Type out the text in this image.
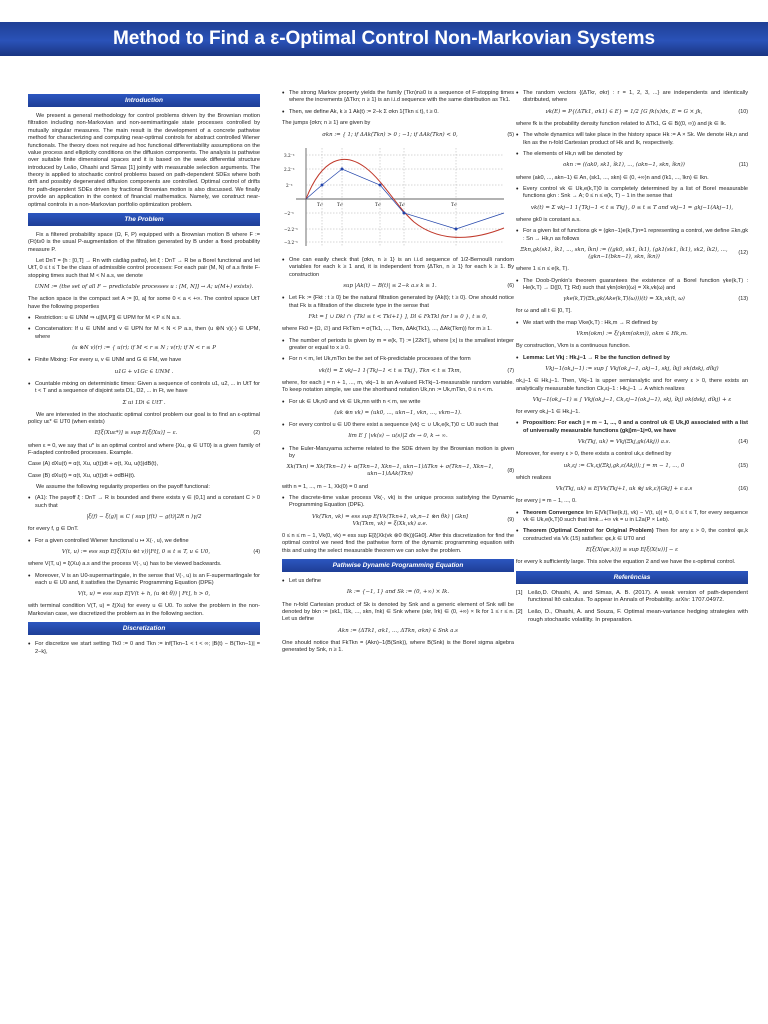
Method to Find a ε-Optimal Control Non-Markovian Systems
Introduction

We present a general methodology for control problems driven by the Brownian motion filtration including non-Markovian and non-semimartingale state processes controlled by mutually singular measures. The main result is the development of a concrete pathwise method for characterizing and computing near-optimal controls for abstract controlled Wiener functionals. The theory does not require ad hoc functional differentiability assumptions on the value process and ellipticity conditions on the diffusion components. The analysis is pathwise over suitable finite dimensional spaces and it is based on the weak differential structure introduced by Leão, Ohashi and Simas [1] jointly with measurable selection arguments. The theory is applied to stochastic control problems based on path-dependent SDEs where both drift and possibly degenerated diffusion components are controlled. Optimal control of drifts for path-dependent SDEs driven by fractional Brownian motion is also discussed. We finally provide an application in the context of financial mathematics. Namely, we construct near-optimal controls in a non-Markovian portfolio optimization problem.

The Problem

Fix a filtered probability space (Ω, F, P) equipped with a Brownian motion B where F := (Ft)t≥0 is the usual P-augmentation of the filtration generated by B under a fixed probability measure P.

Let DnT = {h : [0,T] → Rn with càdlàg paths}, let ξ : DnT → R be a Borel functional and let UtT, 0 ≤ t ≤ T be the class of admissible control processes: For each pair (M, N) of a.s finite F-stopping times such that M < N a.s, we denote

UNM := (the set of all F − predictable processes u : [M, N]] → A; u(M+) exists).

The action space is the compact set A := [0, a] for some 0 < a < +∞. The control space UtT have the following properties

• Restriction: u ∈ UNM ⇒ u|[M,P]] ∈ UPM for M < P ≤ N a.s.
• Concatenation: If u ∈ UNM and v ∈ UPN for M < N < P a.s, then (u ⊗N v)(·) ∈ UPM, where
(u ⊗N v)(r) := { u(r); if M < r ≤ N ; v(r); if N < r ≤ P
• Finite Mixing: For every u, v ∈ UNM and G ∈ FM, we have
u1G + v1Gc ∈ UNM .
• Countable mixing on deterministic times: Given a sequence of controls u1, u2, ... in UtT for t < T and a sequence of disjoint sets D1, D2, ... in Ft, we have
Σ ui 1Di ∈ UtT .

We are interested in the stochastic optimal control problem our goal is to find an ε-optimal policy uε* ∈ UT0 (when exists)

E[ξ(Xuε*)] ≥ sup E[ξ(Xu)] − ε.	(2)

when ε = 0, we say that u* is an optimal control and where {Xu, φ ∈ UT0} is a given family of F-adapted controlled processes. Example.

Case (A) dXu(t) = α(t, Xu, u(t))dt + σ(t, Xu, u(t))dB(t),

Case (B) dXu(t) = α(t, Xu, u(t))dt + σdBH(t).

We assume the following regularity properties on the payoff functional:

• (A1): The payoff ξ : DnT → R is bounded and there exists γ ∈ (0,1] and a constant C > 0 such that
|ξ(f) − ξ(g)| ≤ C ( sup |f(t) − g(t)|2R n )γ/2

for every f, g ∈ DnT.

• For a given controlled Wiener functional u ↦ X(·, u), we define
V(t, u) := ess sup E[ξ(X(u ⊗t v))|Ft], 0 ≤ t ≤ T, u ∈ U0,	(4)

where V(T, u) = ξ(Xu) a.s and the process V(·, u) has to be viewed backwards.

• Moreover, V is an U0-supermartingale, in the sense that V(·, u) is an F-supermartingale for each u ∈ U0 and, it satisfies the Dynamic Programming Equation (DPE)
V(t, u) = ess sup E[V(t + h, (u ⊗t θ)) | Ft], h > 0,

with terminal condition V(T, u) = ξ(Xu) for every u ∈ U0. To solve the problem in the non-Markovian case, we discretized the problem as in the following section.

Discretization
• For discretize we start setting Tk0 := 0 and Tkn := inf{Tkn−1 < t < ∞; |B(t) − B(Tkn−1)| = 2−k},
• The strong Markov property yields the family (Tkn)n≥0 is a sequence of F-stopping times where the increments {ΔTkn; n ≥ 1} is an i.i.d sequence with the same distribution as Tk1.
• Then, we define Ak, k ≥ 1 Ak(t) := 2−k Σ σkn 1{Tkn ≤ t}, t ≥ 0.

The jumps {σkn; n ≥ 1} are given by

σkn := { 1; if ΔAk(Tkn) > 0 ; −1; if ΔAk(Tkn) < 0,	(5)
3.2⁻ᵏ
2.2⁻ᵏ
2⁻ᵏ
−2⁻ᵏ
−2.2⁻ᵏ
−3.2⁻ᵏ
T₁ᵏ	T₂ᵏ	T₃ᵏ	T₄ᵏ	T₅ᵏ
• One can easily check that {σkn, n ≥ 1} is an i.i.d sequence of 1/2-Bernoulli random variables for each k ≥ 1 and, it is independent from {ΔTkn, n ≥ 1} for each k ≥ 1. By construction
sup |Ak(t) − B(t)| ≤ 2−k a.s k ≥ 1.	(6)
• Let Fk := {Fkt : t ≥ 0} be the natural filtration generated by {Ak(t); t ≥ 0}. One should notice that Fk is a filtration of the discrete type in the sense that
Fkt = [ ∪ Dkl ∩ {Tkl ≤ t < Tkl+1} ], Dl ∈ FkTkl for l ≥ 0 }, t ≥ 0,

where Fk0 = {Ω, ∅} and FkTkm = σ(Tk1, ..., Tkm, ΔAk(Tk1), ..., ΔAk(Tkm)) for m ≥ 1.

• The number of periods is given by m = e(k, T) := ⌊22kT⌋, where ⌊x⌋ is the smallest integer greater or equal to x ≥ 0.
• For n < m, let Uk,mTkn be the set of Fk-predictable processes of the form
vk(t) = Σ vkj−1 1{Tkj−1 < t ≤ Tkj}, Tkn < t ≤ Tkm,	(7)

where, for each j = n + 1, ..., m, vkj−1 is an A-valued FkTkj−1-measurable random variable. To keep notation simple, we use the shorthand notation Uk,nn := Uk,mTkn, 0 ≤ n < m.

• For uk ∈ Uk,n0 and vk ∈ Uk,mn with n < m, we write
(uk ⊗n vk) = (uk0, ..., ukn−1, vkn, ..., vkm−1).
• For every control u ∈ U0 there exist a sequence {vk} ⊂ ∪ Uk,e(k,T)0 ⊂ U0 such that
lim E ∫ |vk(s) − u(s)|2 ds → 0, k → ∞.
• The Euler-Maruyama scheme related to the SDE driven by the Brownian motion is given by
Xk(Tkn) = Xk(Tkn−1) + α(Tkn−1, Xkn−1, ukn−1)ΔTkn + σ(Tkn−1, Xkn−1, ukn−1)ΔAk(Tkn)
(8)

with n = 1, ..., m − 1, Xk(0) = 0 and

• The discrete-time value process Vk(·, vk) is the unique process satisfying the Dynamic Programming Equation (DPE).
Vk(Tkn, vk) = ess sup E[Vk(Tkn+1, vk,n−1 ⊗n θk) | Gkn]
Vk(Tkm, vk) = ξ(Xk,vk) a.e.
(9)

0 ≤ n ≤ m − 1, Vk(0, vk) = ess sup E[ξ(Xk(vk ⊗0 θk))|Gk0]. After this discretization for find the optimal control we need find the pathwise form of the dynamic programming equation with this and using the select measurable theorem we can solve the problem.

Pathwise Dynamic Programming Equation
• Let us define
Ik := {−1, 1} and Sk := (0, +∞) × Ik.

The n-fold Cartesian product of Sk is denoted by Snk and a generic element of Snk will be denoted by bkn := (sk1, î1k, ..., skn, înk) ∈ Snk where (skr, îrk) ∈ (0, +∞) × Ik for 1 ≤ r ≤ n. Let us define

Akn := (ΔTk1, σk1, ..., ΔTkn, σkn) ∈ Snk a.s

One should notice that FkTkn = (Akn)−1(B(Snk)), where B(Snk) is the Borel sigma algebra generated by Snk, n ≥ 1.

• The random vectors {(ΔTkr, σkr) : r = 1, 2, 3, ...} are independents and identically distributed, where
νk(E) = P{(ΔTk1, σk1) ∈ E} = 1/2 ∫G fk(x)dx, E = G × jk,	(10)

where fk is the probability density function related to ΔTk1, G ∈ B((0, ∞)) and jk ∈ Ik.

• The whole dynamics will take place in the history space Hk := A × Sk. We denote Hk,n and Ikn as the n-fold Cartesian product of Hk and Ik, respectively.
• The elements of Hk,n will be denoted by
okn := ((ak0, sk1, îk1), ..., (akn−1, skn, îkn))	(11)

where (ak0, ..., akn−1) ∈ An, (sk1, ..., skn) ∈ (0, +∞)n and (îk1, ..., îkn) ∈ Ikn.

• Every control vk ∈ Uk,e(k,T)0 is completely determined by a list of Borel measurable functions gkn : Snk → A; 0 ≤ n ≤ e(k, T) − 1 in the sense that
vk(t) = Σ vkj−1 1{Tkj−1 < t ≤ Tkj}, 0 ≤ t ≤ T and vkj−1 = gkj−1(Akj−1),

where gk0 is constant a.s.

• For a given list of functions gk = (gkn−1)e(k,T)n=1 representing a control, we define Ξkn,gk : Sn → Hk,n as follows
Ξkn,gk(sk1, îk1, ..., skn, îkn) := ((gk0, sk1, îk1), (gk1(sk1, îk1), sk2, îk2), ..., (gkn−1(bkn−1), skn, îkn))
(12)

where 1 ≤ n ≤ e(k, T).

• The Doob-Dynkin's theorem guarantees the existence of a Borel function γke(k,T) : He(k,T) → D([0, T]; Rd) such that γkn(okn)(ω) = Xk,vk(ω) and
γke(k,T)(Ξk,gk(Ake(k,T)(ω)))(t) = Xk,vk(t, ω)	(13)

for ω and all t ∈ [0, T].

• We start with the map Vke(k,T) : Hk,m → R defined by
Vkm(okm) := ξ(γkm(okm)), okm ∈ Hk,m.

By construction, Vkm is a continuous function.

• Lemma: Let Vkj : Hk,j−1 → R be the function defined by
Vkj−1(ok,j−1) := sup ∫ Vkj(ok,j−1, akj−1, skj, îkj) νk(dskj, dîkj)

ok,j−1 ∈ Hk,j−1. Then, Vkj−1 is upper semianalytic and for every ε > 0, there exists an analytically measurable function Ck,εj−1 : Hk,j−1 → A which realizes

Vkj−1(ok,j−1) ≤ ∫ Vkj(ok,j−1, Ck,εj−1(ok,j−1), skj, îkj) νk(dskj, dîkj) + ε

for every ok,j−1 ∈ Hk,j−1.

• Proposition: For each j = m − 1, ..., 0 and a control uk ∈ Uk,j0 associated with a list of universally measurable functions (gkj)m−1j=0, we have
Vk(Tkj, uk) = Vkj(Ξkj,gk(Akj)) a.s.	(14)

Moreover, for every ε > 0, there exists a control uk,ε defined by

uk,εj := Ck,εj(Ξkj,gk,ε(Akj)); j = m − 1, ..., 0	(15)

which realizes

Vk(Tkj, uk) ≤ E[Vk(Tkj+1, uk ⊗j uk,ε)|Gkj] + ε a.s	(16)

for every j = m − 1, ..., 0.

• Theorem Convergence lim E|Vk(Tke(k,t), vk) − V(t, u)| = 0, 0 ≤ t ≤ T, for every sequence vk ∈ Uk,e(k,T)0 such that limk→+∞ vk = u in L2a(P × Leb).
• Theorem (Optimal Control for Original Problem) Then for any ε > 0, the control φε,k constructed via Vk (15) satisfies: φε,k ∈ UT0 and
E[ξ(X(φε,k))] ≥ sup E[ξ(X(u))] − ε

for every k sufficiently large. This solve the equation 2 and we have the ε-optimal control.

Referências
[1] Leão,D. Ohashi, A. and Simas, A. B. (2017). A weak version of path-dependent functional Itô calculus. To appear in Annals of Probability. arXiv: 1707.04972.
[2] Leão, D., Ohashi, A. and Souza, F. Optimal mean-variance hedging strategies with rough stochastic volatility. In preparation.
